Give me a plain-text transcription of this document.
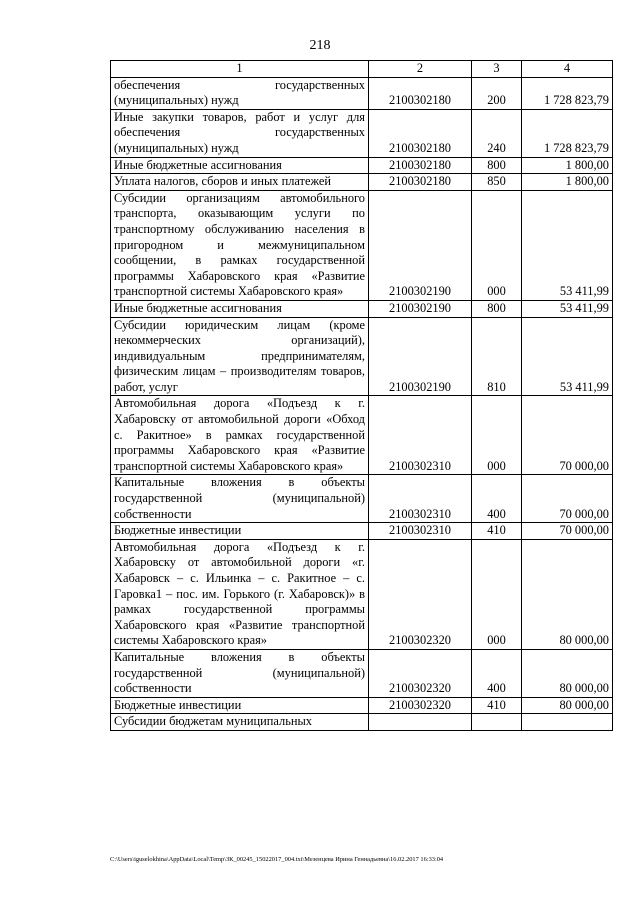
218
1	2	3	4
обеспечения государственных (муниципальных) нужд	2100302180	200	1 728 823,79
Иные закупки товаров, работ и услуг для обеспечения государственных (муниципальных) нужд	2100302180	240	1 728 823,79
Иные бюджетные ассигнования	2100302180	800	1 800,00
Уплата налогов, сборов и иных платежей	2100302180	850	1 800,00
Субсидии организациям автомобильного транспорта, оказывающим услуги по транспортному обслуживанию населения в пригородном и межмуниципальном сообщении, в рамках государственной программы Хабаровского края «Развитие транспортной системы Хабаровского края»	2100302190	000	53 411,99
Иные бюджетные ассигнования	2100302190	800	53 411,99
Субсидии юридическим лицам (кроме некоммерческих организаций), индивидуальным предпринимателям, физическим лицам – производителям товаров, работ, услуг	2100302190	810	53 411,99
Автомобильная дорога «Подъезд к г. Хабаровску от автомобильной дороги «Обход с. Ракитное» в рамках государственной программы Хабаровского края «Развитие транспортной системы Хабаровского края»	2100302310	000	70 000,00
Капитальные вложения в объекты государственной (муниципальной) собственности	2100302310	400	70 000,00
Бюджетные инвестиции	2100302310	410	70 000,00
Автомобильная дорога «Подъезд к г. Хабаровску от автомобильной дороги «г. Хабаровск – с. Ильинка – с. Ракитное – с. Гаровка1 – пос. им. Горького (г. Хабаровск)» в рамках государственной программы Хабаровского края «Развитие транспортной системы Хабаровского края»	2100302320	000	80 000,00
Капитальные вложения в объекты государственной (муниципальной) собственности	2100302320	400	80 000,00
Бюджетные инвестиции	2100302320	410	80 000,00
Субсидии бюджетам муниципальных			
C:\Users\iguselokhina\AppData\Local\Temp\ЗК_00245_15022017_004.txt\Мезенцева Ирина Геннадьевна\16.02.2017 16:33:04
